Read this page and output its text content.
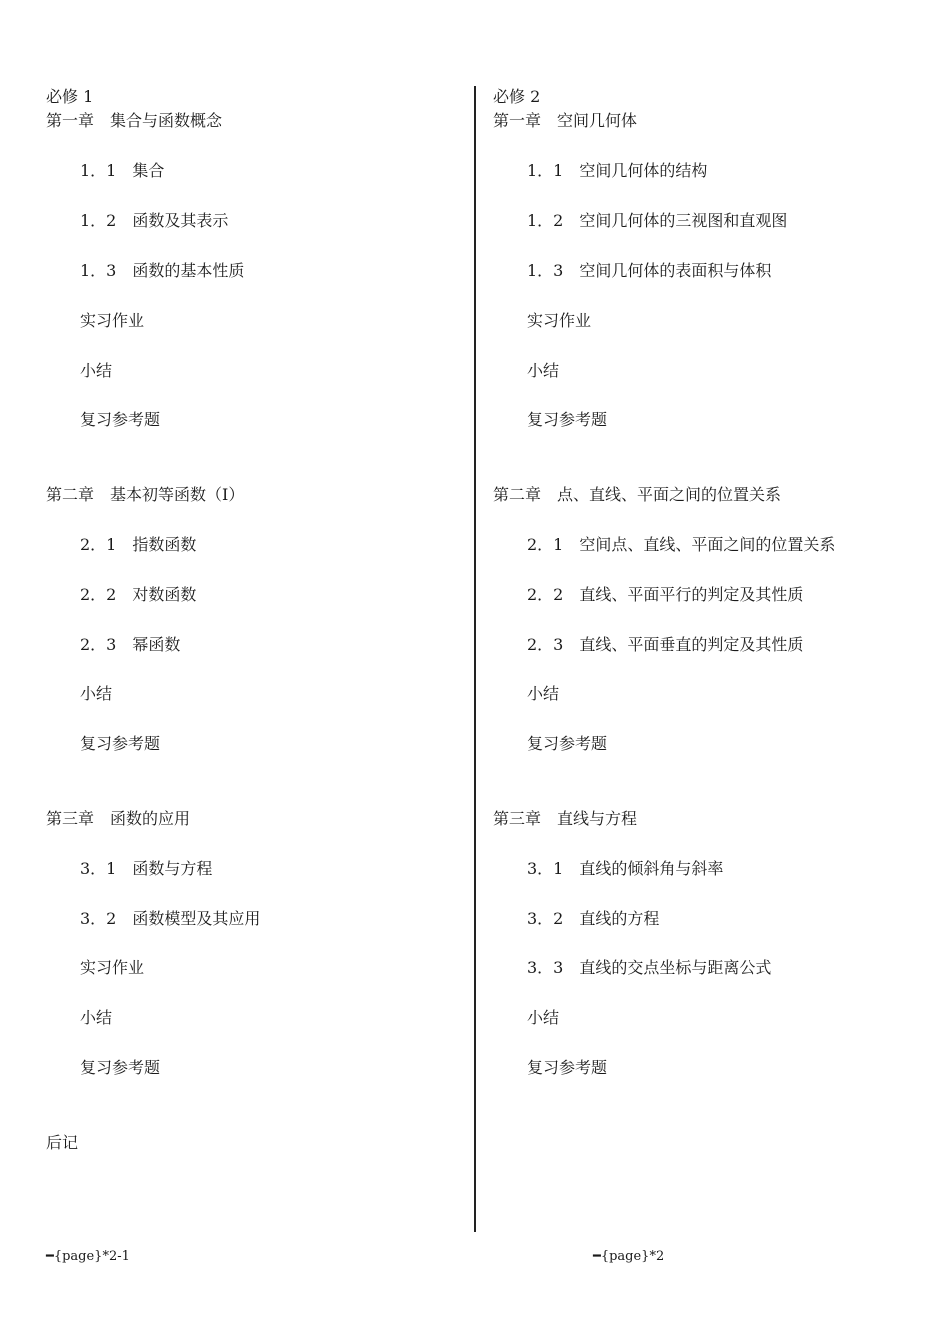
必修 1
第一章　集合与函数概念
1．1　集合
1．2　函数及其表示
1．3　函数的基本性质
实习作业
小结
复习参考题
第二章　基本初等函数（Ⅰ）
2．1　指数函数
2．2　对数函数
2．3　幂函数
小结
复习参考题
第三章　函数的应用
3．1　函数与方程
3．2　函数模型及其应用
实习作业
小结
复习参考题
后记
必修 2
第一章　空间几何体
1．1　空间几何体的结构
1．2　空间几何体的三视图和直观图
1．3　空间几何体的表面积与体积
实习作业
小结
复习参考题
第二章　点、直线、平面之间的位置关系
2．1　空间点、直线、平面之间的位置关系
2．2　直线、平面平行的判定及其性质
2．3　直线、平面垂直的判定及其性质
小结
复习参考题
第三章　直线与方程
3．1　直线的倾斜角与斜率
3．2　直线的方程
3．3　直线的交点坐标与距离公式
小结
复习参考题
━{page}*2-1	━{page}*2
